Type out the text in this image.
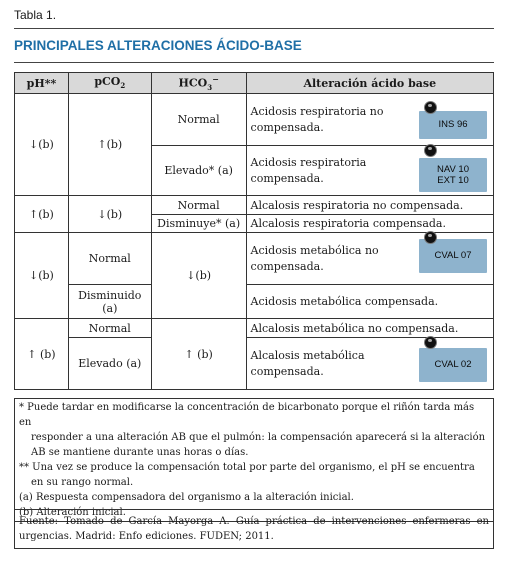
Tabla 1.
PRINCIPALES ALTERACIONES ÁCIDO-BASE
pH**	pCO$_2$	$HCO_3^-$	Alteración ácido base
↓(b)	↑(b)	Normal	Acidosis respiratoria no compensada. INS 96

		Elevado* (a)	Acidosis respiratoria compensada.
NAV 10
EXT 10

↑(b)	↓(b)	Normal	Alcalosis respiratoria no compensada.
		Disminuye* (a)	Alcalosis respiratoria compensada.
↓(b)	Normal	↓(b)	Acidosis metabólica no compensada.
CVAL 07

	Disminuido (a)		Acidosis metabólica compensada.
↑ (b)	Normal	↑ (b)	Alcalosis metabólica no compensada.
	Elevado (a)		Alcalosis metabólica compensada. CVAL 02

* Puede tardar en modificarse la concentración de bicarbonato porque el riñón tarda más en

responder a una alteración AB que el pulmón: la compensación aparecerá si la alteración

AB se mantiene durante unas horas o días.

** Una vez se produce la compensación total por parte del organismo, el pH se encuentra

en su rango normal.

(a) Respuesta compensadora del organismo a la alteración inicial.

(b) Alteración inicial.

Fuente: Tomado de García Mayorga A. Guía práctica de intervenciones enfermeras en urgencias. Madrid: Enfo ediciones. FUDEN; 2011.
